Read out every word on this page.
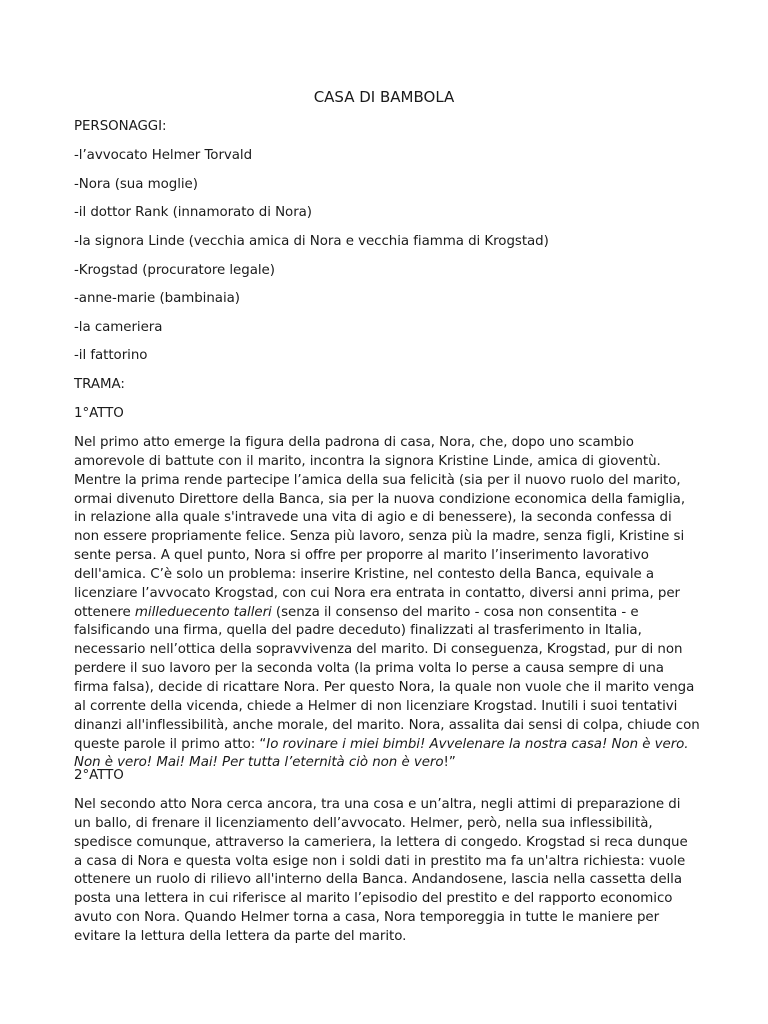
CASA DI BAMBOLA
PERSONAGGI:
-l’avvocato Helmer Torvald
-Nora (sua moglie)
-il dottor Rank (innamorato di Nora)
-la signora Linde (vecchia amica di Nora e vecchia fiamma di Krogstad)
-Krogstad (procuratore legale)
-anne-marie (bambinaia)
-la cameriera
-il fattorino
TRAMA:
1°ATTO
Nel primo atto emerge la figura della padrona di casa, Nora, che, dopo uno scambio amorevole di battute con il marito, incontra la signora Kristine Linde, amica di gioventù. Mentre la prima rende partecipe l’amica della sua felicità (sia per il nuovo ruolo del marito, ormai divenuto Direttore della Banca, sia per la nuova condizione economica della famiglia, in relazione alla quale s'intravede una vita di agio e di benessere), la seconda confessa di non essere propriamente felice. Senza più lavoro, senza più la madre, senza figli, Kristine si sente persa. A quel punto, Nora si offre per proporre al marito l’inserimento lavorativo dell'amica. C’è solo un problema: inserire Kristine, nel contesto della Banca, equivale a licenziare l’avvocato Krogstad, con cui Nora era entrata in contatto, diversi anni prima, per ottenere milleduecento talleri (senza il consenso del marito - cosa non consentita - e falsificando una firma, quella del padre deceduto) finalizzati al trasferimento in Italia, necessario nell’ottica della sopravvivenza del marito. Di conseguenza, Krogstad, pur di non perdere il suo lavoro per la seconda volta (la prima volta lo perse a causa sempre di una firma falsa), decide di ricattare Nora. Per questo Nora, la quale non vuole che il marito venga al corrente della vicenda, chiede a Helmer di non licenziare Krogstad. Inutili i suoi tentativi dinanzi all'inflessibilità, anche morale, del marito. Nora, assalita dai sensi di colpa, chiude con queste parole il primo atto: “Io rovinare i miei bimbi! Avvelenare la nostra casa! Non è vero. Non è vero! Mai! Mai! Per tutta l’eternità ciò non è vero!”
2°ATTO
Nel secondo atto Nora cerca ancora, tra una cosa e un’altra, negli attimi di preparazione di un ballo, di frenare il licenziamento dell’avvocato. Helmer, però, nella sua inflessibilità, spedisce comunque, attraverso la cameriera, la lettera di congedo. Krogstad si reca dunque a casa di Nora e questa volta esige non i soldi dati in prestito ma fa un'altra richiesta: vuole ottenere un ruolo di rilievo all'interno della Banca. Andandosene, lascia nella cassetta della posta una lettera in cui riferisce al marito l’episodio del prestito e del rapporto economico avuto con Nora. Quando Helmer torna a casa, Nora temporeggia in tutte le maniere per evitare la lettura della lettera da parte del marito.
